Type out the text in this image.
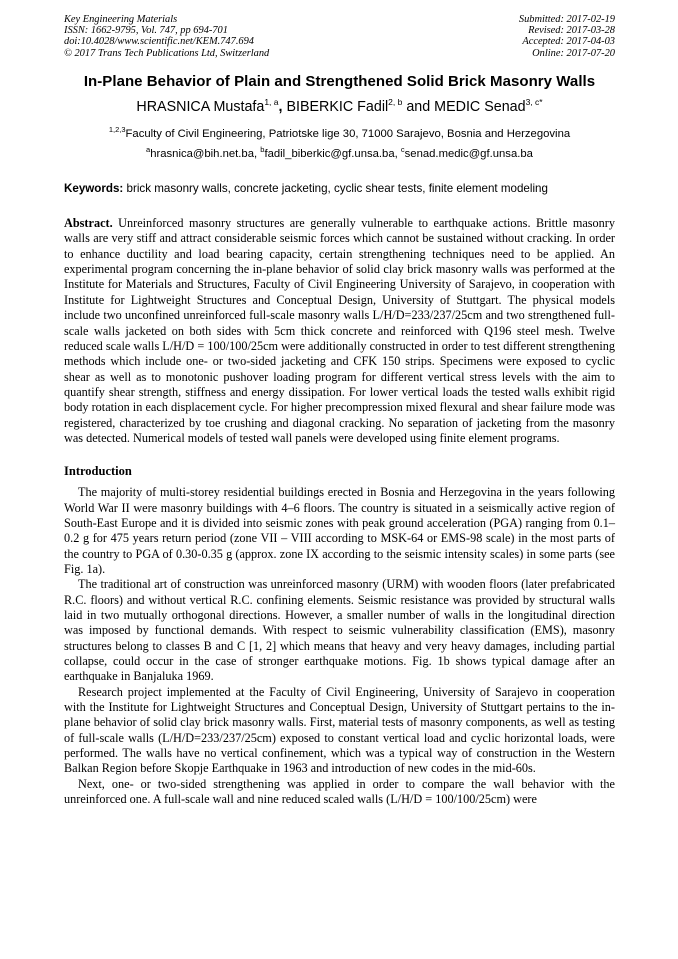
Key Engineering Materials
ISSN: 1662-9795, Vol. 747, pp 694-701
doi:10.4028/www.scientific.net/KEM.747.694
© 2017 Trans Tech Publications Ltd, Switzerland
Submitted: 2017-02-19
Revised: 2017-03-28
Accepted: 2017-04-03
Online: 2017-07-20
In-Plane Behavior of Plain and Strengthened Solid Brick Masonry Walls
HRASNICA Mustafa$^{1, a}$, BIBERKIC Fadil$^{2, b}$ and MEDIC Senad$^{3, c*}$
$^{1,2,3}$Faculty of Civil Engineering, Patriotske lige 30, 71000 Sarajevo, Bosnia and Herzegovina
$^a$hrasnica@bih.net.ba, $^b$fadil_biberkic@gf.unsa.ba, $^c$senad.medic@gf.unsa.ba
Keywords: brick masonry walls, concrete jacketing, cyclic shear tests, finite element modeling
Abstract. Unreinforced masonry structures are generally vulnerable to earthquake actions. Brittle masonry walls are very stiff and attract considerable seismic forces which cannot be sustained without cracking. In order to enhance ductility and load bearing capacity, certain strengthening techniques need to be applied. An experimental program concerning the in-plane behavior of solid clay brick masonry walls was performed at the Institute for Materials and Structures, Faculty of Civil Engineering University of Sarajevo, in cooperation with Institute for Lightweight Structures and Conceptual Design, University of Stuttgart. The physical models include two unconfined unreinforced full-scale masonry walls L/H/D=233/237/25cm and two strengthened full-scale walls jacketed on both sides with 5cm thick concrete and reinforced with Q196 steel mesh. Twelve reduced scale walls L/H/D = 100/100/25cm were additionally constructed in order to test different strengthening methods which include one- or two-sided jacketing and CFK 150 strips. Specimens were exposed to cyclic shear as well as to monotonic pushover loading program for different vertical stress levels with the aim to quantify shear strength, stiffness and energy dissipation. For lower vertical loads the tested walls exhibit rigid body rotation in each displacement cycle. For higher precompression mixed flexural and shear failure mode was registered, characterized by toe crushing and diagonal cracking. No separation of jacketing from the masonry was detected. Numerical models of tested wall panels were developed using finite element programs.
Introduction
The majority of multi-storey residential buildings erected in Bosnia and Herzegovina in the years following World War II were masonry buildings with 4–6 floors. The country is situated in a seismically active region of South-East Europe and it is divided into seismic zones with peak ground acceleration (PGA) ranging from 0.1–0.2 g for 475 years return period (zone VII – VIII according to MSK-64 or EMS-98 scale) in the most parts of the country to PGA of 0.30-0.35 g (approx. zone IX according to the seismic intensity scales) in some parts (see Fig. 1a).
The traditional art of construction was unreinforced masonry (URM) with wooden floors (later prefabricated R.C. floors) and without vertical R.C. confining elements. Seismic resistance was provided by structural walls laid in two mutually orthogonal directions. However, a smaller number of walls in the longitudinal direction was imposed by functional demands. With respect to seismic vulnerability classification (EMS), masonry structures belong to classes B and C [1, 2] which means that heavy and very heavy damages, including partial collapse, could occur in the case of stronger earthquake motions. Fig. 1b shows typical damage after an earthquake in Banjaluka 1969.
Research project implemented at the Faculty of Civil Engineering, University of Sarajevo in cooperation with the Institute for Lightweight Structures and Conceptual Design, University of Stuttgart pertains to the in-plane behavior of solid clay brick masonry walls. First, material tests of masonry components, as well as testing of full-scale walls (L/H/D=233/237/25cm) exposed to constant vertical load and cyclic horizontal loads, were performed. The walls have no vertical confinement, which was a typical way of construction in the Western Balkan Region before Skopje Earthquake in 1963 and introduction of new codes in the mid-60s.
Next, one- or two-sided strengthening was applied in order to compare the wall behavior with the unreinforced one. A full-scale wall and nine reduced scaled walls (L/H/D = 100/100/25cm) were
